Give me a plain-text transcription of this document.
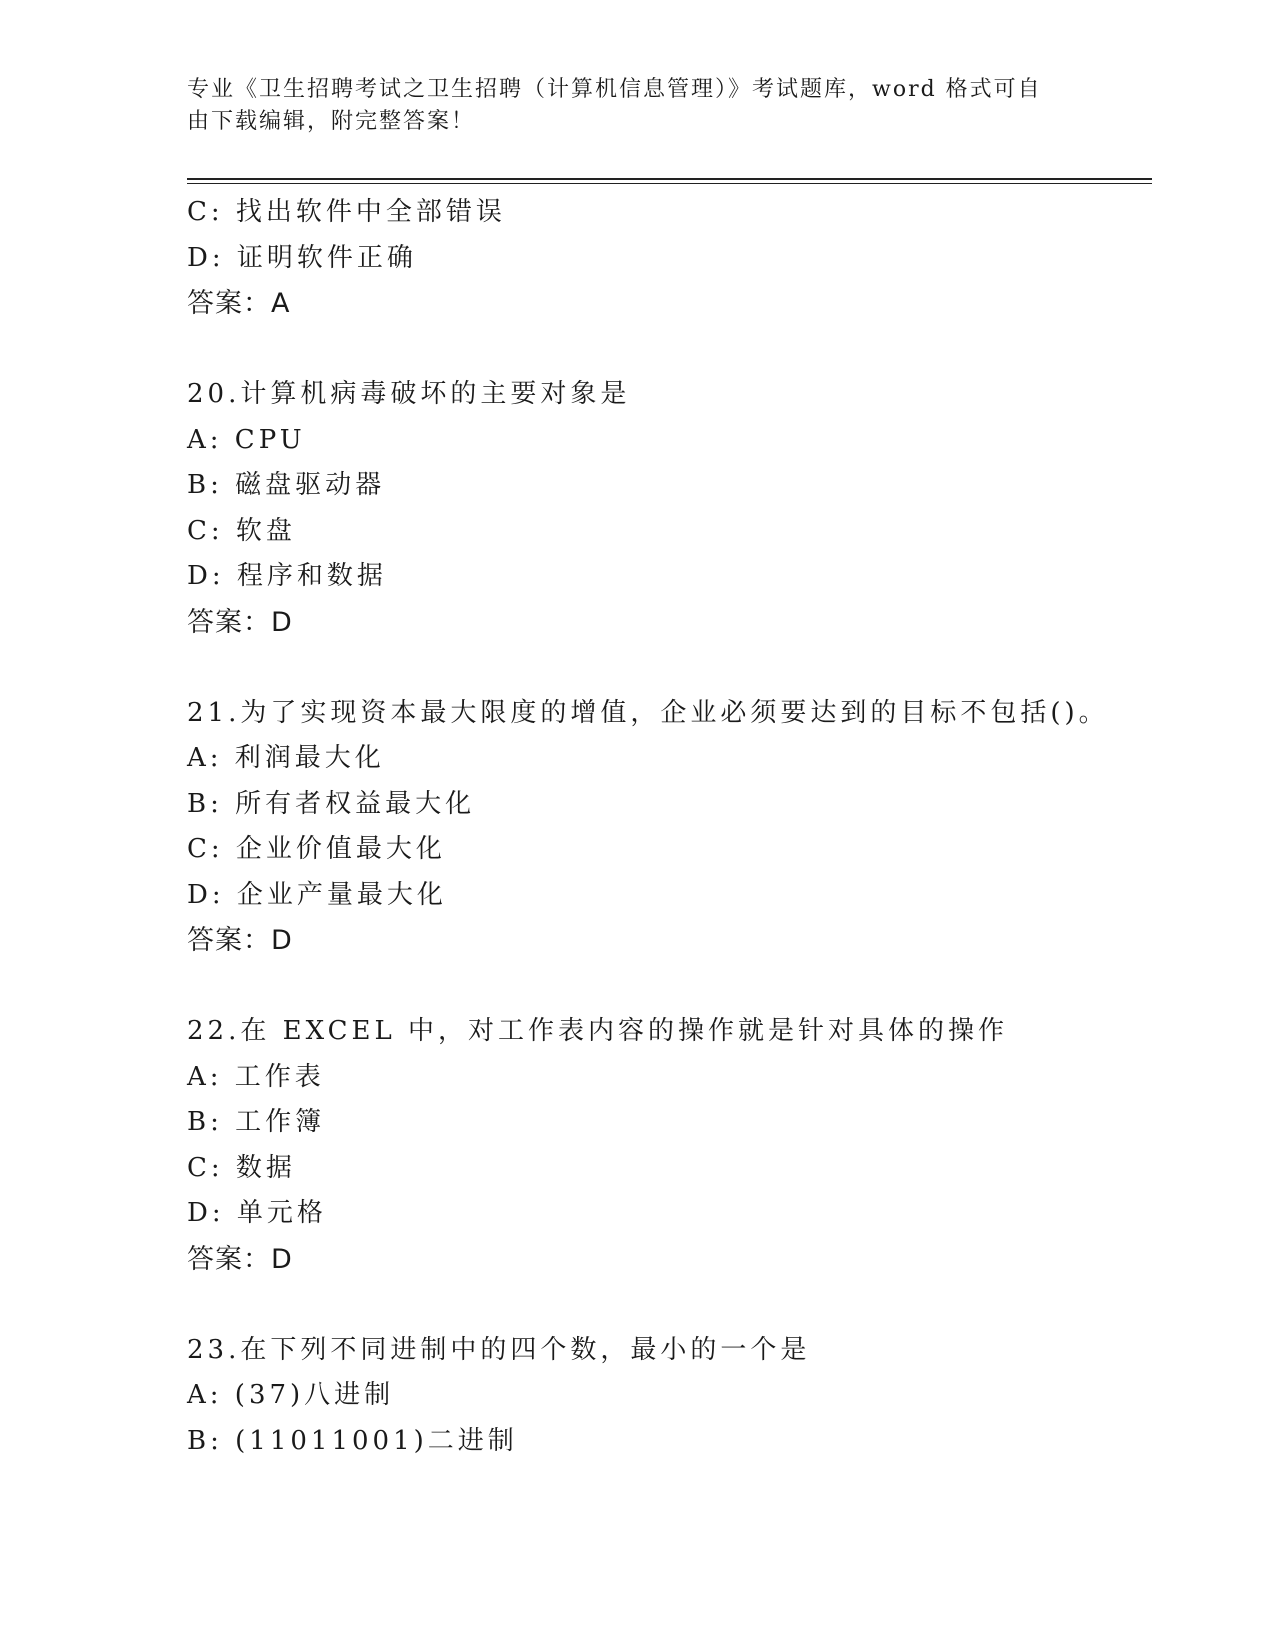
专业《卫生招聘考试之卫生招聘（计算机信息管理）》考试题库，word 格式可自
由下载编辑，附完整答案！
C: 找出软件中全部错误
D: 证明软件正确
答案：A
20.计算机病毒破坏的主要对象是
A: CPU
B: 磁盘驱动器
C: 软盘
D: 程序和数据
答案：D
21.为了实现资本最大限度的增值，企业必须要达到的目标不包括()。
A: 利润最大化
B: 所有者权益最大化
C: 企业价值最大化
D: 企业产量最大化
答案：D
22.在 EXCEL 中，对工作表内容的操作就是针对具体的操作
A: 工作表
B: 工作簿
C: 数据
D: 单元格
答案：D
23.在下列不同进制中的四个数，最小的一个是
A: (37)八进制
B: (11011001)二进制
